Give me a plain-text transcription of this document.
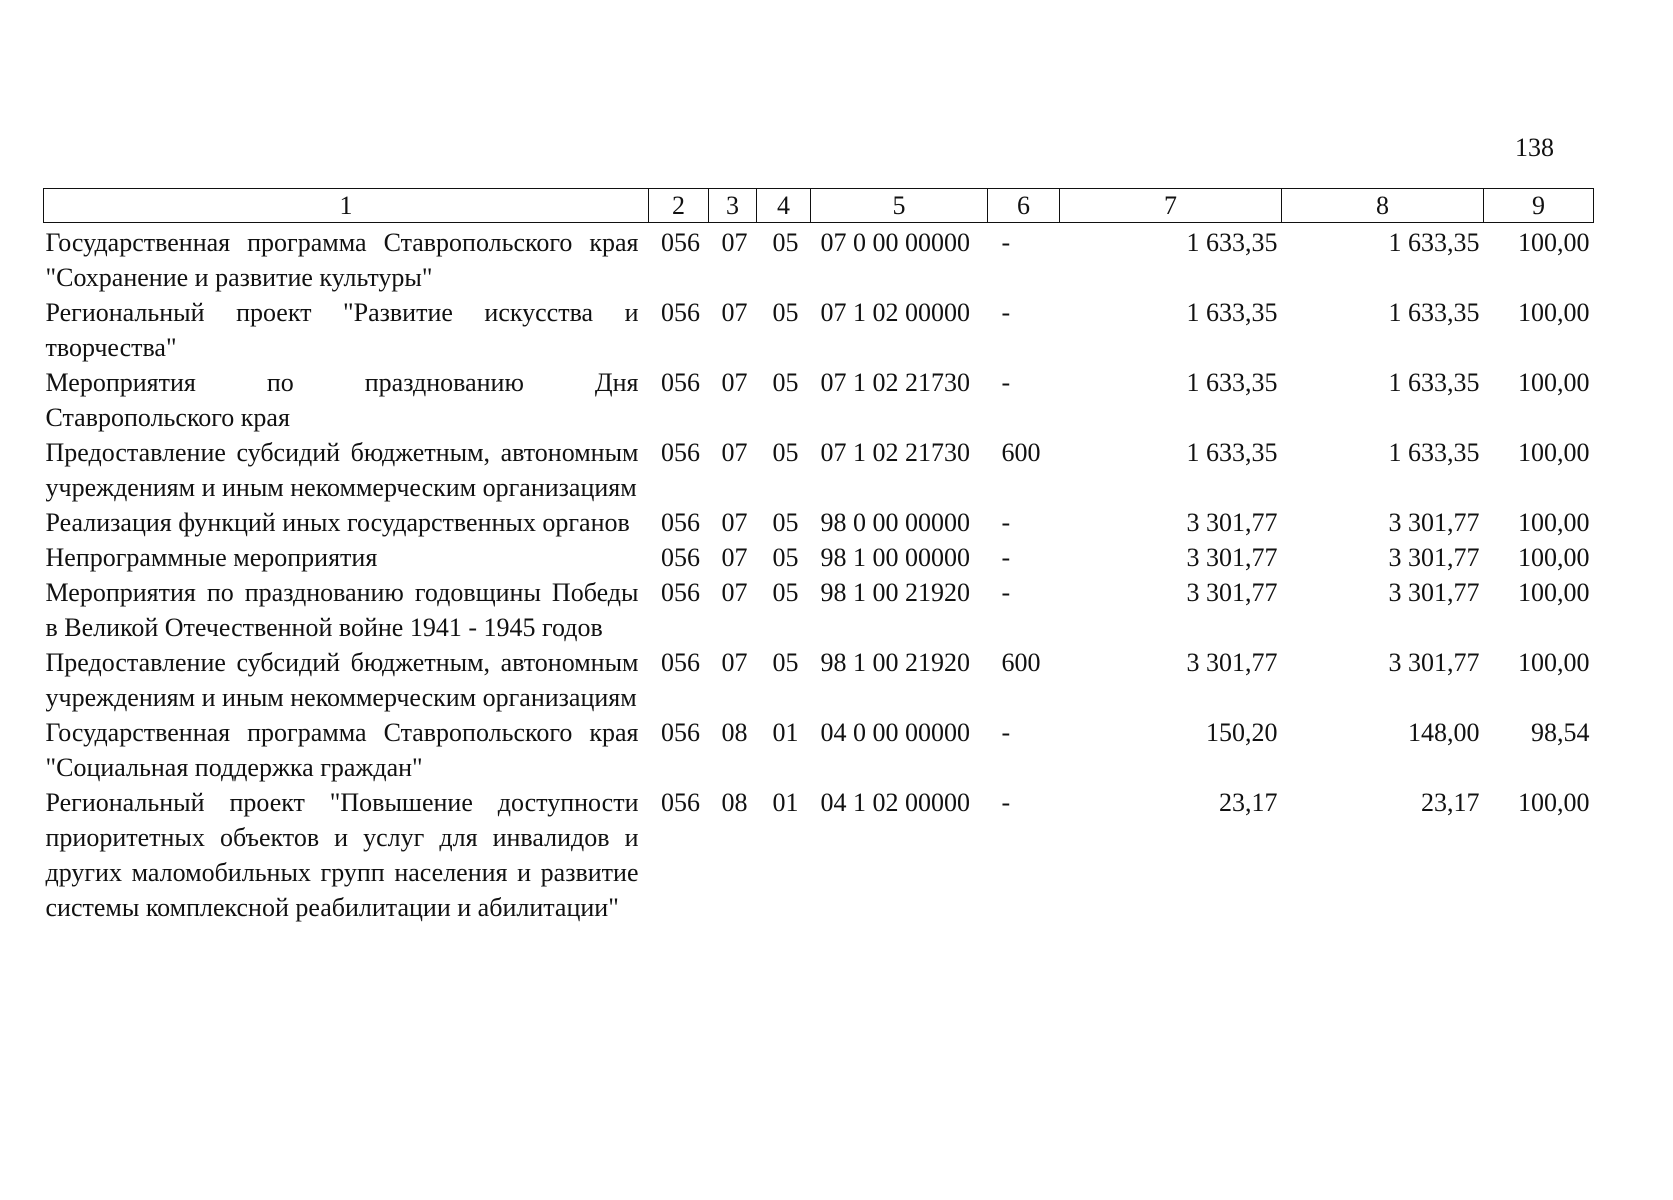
138
1	2	3	4	5	6	7	8	9
Государственная программа Ставропольского края "Сохранение и развитие культуры"	056	07	05	07 0 00 00000	-	1 633,35	1 633,35	100,00
Региональный проект "Развитие искусства и творчества"	056	07	05	07 1 02 00000	-	1 633,35	1 633,35	100,00
Мероприятия по празднованию Дня Ставропольского края	056	07	05	07 1 02 21730	-	1 633,35	1 633,35	100,00
Предоставление субсидий бюджетным, автономным учреждениям и иным некоммерческим организациям	056	07	05	07 1 02 21730	600	1 633,35	1 633,35	100,00
Реализация функций иных государственных органов	056	07	05	98 0 00 00000	-	3 301,77	3 301,77	100,00
Непрограммные мероприятия	056	07	05	98 1 00 00000	-	3 301,77	3 301,77	100,00
Мероприятия по празднованию годовщины Победы в Великой Отечественной войне 1941 - 1945 годов	056	07	05	98 1 00 21920	-	3 301,77	3 301,77	100,00
Предоставление субсидий бюджетным, автономным учреждениям и иным некоммерческим организациям	056	07	05	98 1 00 21920	600	3 301,77	3 301,77	100,00
Государственная программа Ставропольского края "Социальная поддержка граждан"	056	08	01	04 0 00 00000	-	150,20	148,00	98,54
Региональный проект "Повышение доступности приоритетных объектов и услуг для инвалидов и других маломобильных групп населения и развитие системы комплексной реабилитации и абилитации"	056	08	01	04 1 02 00000	-	23,17	23,17	100,00
